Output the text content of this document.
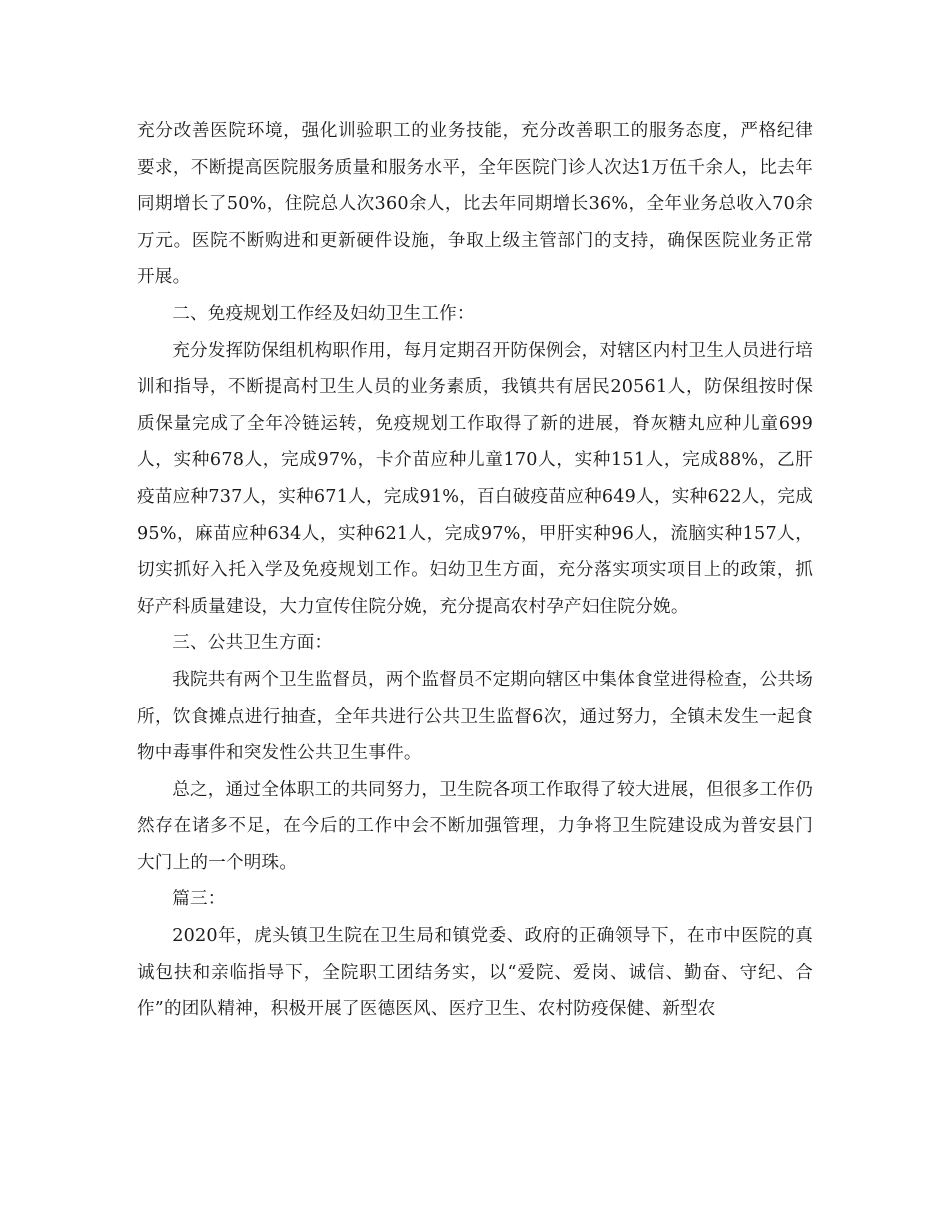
充分改善医院环境，强化训验职工的业务技能，充分改善职工的服务态度，严格纪律要求，不断提高医院服务质量和服务水平，全年医院门诊人次达1万伍千余人，比去年同期增长了50%，住院总人次360余人，比去年同期增长36%，全年业务总收入70余万元。医院不断购进和更新硬件设施，争取上级主管部门的支持，确保医院业务正常开展。

二、免疫规划工作经及妇幼卫生工作：

充分发挥防保组机构职作用，每月定期召开防保例会，对辖区内村卫生人员进行培训和指导，不断提高村卫生人员的业务素质，我镇共有居民20561人，防保组按时保质保量完成了全年冷链运转，免疫规划工作取得了新的进展，脊灰糖丸应种儿童699人，实种678人，完成97%，卡介苗应种儿童170人，实种151人，完成88%，乙肝疫苗应种737人，实种671人，完成91%，百白破疫苗应种649人，实种622人，完成95%，麻苗应种634人，实种621人，完成97%，甲肝实种96人，流脑实种157人，切实抓好入托入学及免疫规划工作。妇幼卫生方面，充分落实项实项目上的政策，抓好产科质量建设，大力宣传住院分娩，充分提高农村孕产妇住院分娩。

三、公共卫生方面：

我院共有两个卫生监督员，两个监督员不定期向辖区中集体食堂进得检查，公共场所，饮食摊点进行抽查，全年共进行公共卫生监督6次，通过努力，全镇未发生一起食物中毒事件和突发性公共卫生事件。

总之，通过全体职工的共同努力，卫生院各项工作取得了较大进展，但很多工作仍然存在诸多不足，在今后的工作中会不断加强管理，力争将卫生院建设成为普安县门大门上的一个明珠。

篇三：

2020年，虎头镇卫生院在卫生局和镇党委、政府的正确领导下，在市中医院的真诚包扶和亲临指导下，全院职工团结务实，以“爱院、爱岗、诚信、勤奋、守纪、合作”的团队精神，积极开展了医德医风、医疗卫生、农村防疫保健、新型农
